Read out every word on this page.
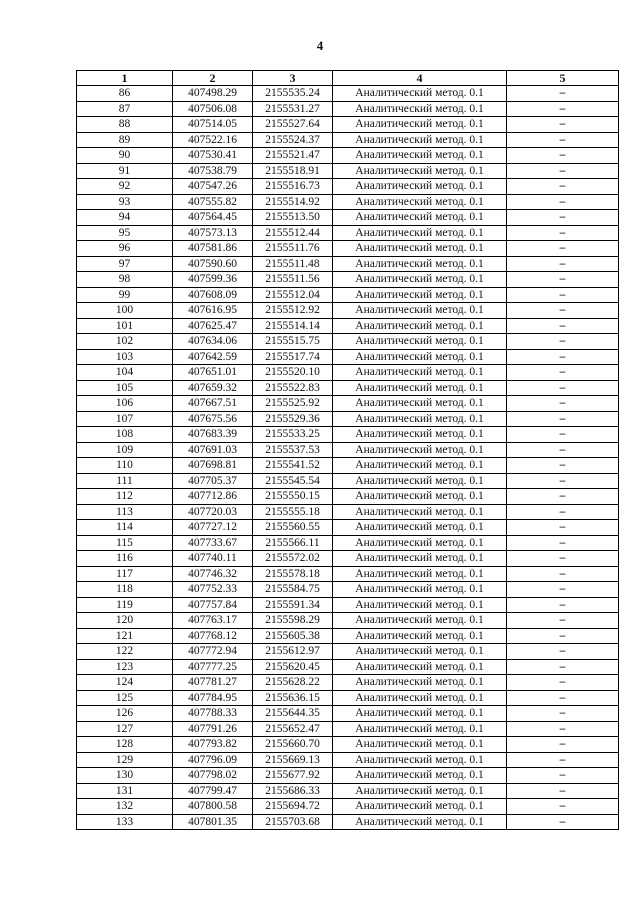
4
1	2	3	4	5
86	407498.29	2155535.24	Аналитический метод. 0.1	–
87	407506.08	2155531.27	Аналитический метод. 0.1	–
88	407514.05	2155527.64	Аналитический метод. 0.1	–
89	407522.16	2155524.37	Аналитический метод. 0.1	–
90	407530.41	2155521.47	Аналитический метод. 0.1	–
91	407538.79	2155518.91	Аналитический метод. 0.1	–
92	407547.26	2155516.73	Аналитический метод. 0.1	–
93	407555.82	2155514.92	Аналитический метод. 0.1	–
94	407564.45	2155513.50	Аналитический метод. 0.1	–
95	407573.13	2155512.44	Аналитический метод. 0.1	–
96	407581.86	2155511.76	Аналитический метод. 0.1	–
97	407590.60	2155511.48	Аналитический метод. 0.1	–
98	407599.36	2155511.56	Аналитический метод. 0.1	–
99	407608.09	2155512.04	Аналитический метод. 0.1	–
100	407616.95	2155512.92	Аналитический метод. 0.1	–
101	407625.47	2155514.14	Аналитический метод. 0.1	–
102	407634.06	2155515.75	Аналитический метод. 0.1	–
103	407642.59	2155517.74	Аналитический метод. 0.1	–
104	407651.01	2155520.10	Аналитический метод. 0.1	–
105	407659.32	2155522.83	Аналитический метод. 0.1	–
106	407667.51	2155525.92	Аналитический метод. 0.1	–
107	407675.56	2155529.36	Аналитический метод. 0.1	–
108	407683.39	2155533.25	Аналитический метод. 0.1	–
109	407691.03	2155537.53	Аналитический метод. 0.1	–
110	407698.81	2155541.52	Аналитический метод. 0.1	–
111	407705.37	2155545.54	Аналитический метод. 0.1	–
112	407712.86	2155550.15	Аналитический метод. 0.1	–
113	407720.03	2155555.18	Аналитический метод. 0.1	–
114	407727.12	2155560.55	Аналитический метод. 0.1	–
115	407733.67	2155566.11	Аналитический метод. 0.1	–
116	407740.11	2155572.02	Аналитический метод. 0.1	–
117	407746.32	2155578.18	Аналитический метод. 0.1	–
118	407752.33	2155584.75	Аналитический метод. 0.1	–
119	407757.84	2155591.34	Аналитический метод. 0.1	–
120	407763.17	2155598.29	Аналитический метод. 0.1	–
121	407768.12	2155605.38	Аналитический метод. 0.1	–
122	407772.94	2155612.97	Аналитический метод. 0.1	–
123	407777.25	2155620.45	Аналитический метод. 0.1	–
124	407781.27	2155628.22	Аналитический метод. 0.1	–
125	407784.95	2155636.15	Аналитический метод. 0.1	–
126	407788.33	2155644.35	Аналитический метод. 0.1	–
127	407791.26	2155652.47	Аналитический метод. 0.1	–
128	407793.82	2155660.70	Аналитический метод. 0.1	–
129	407796.09	2155669.13	Аналитический метод. 0.1	–
130	407798.02	2155677.92	Аналитический метод. 0.1	–
131	407799.47	2155686.33	Аналитический метод. 0.1	–
132	407800.58	2155694.72	Аналитический метод. 0.1	–
133	407801.35	2155703.68	Аналитический метод. 0.1	–
